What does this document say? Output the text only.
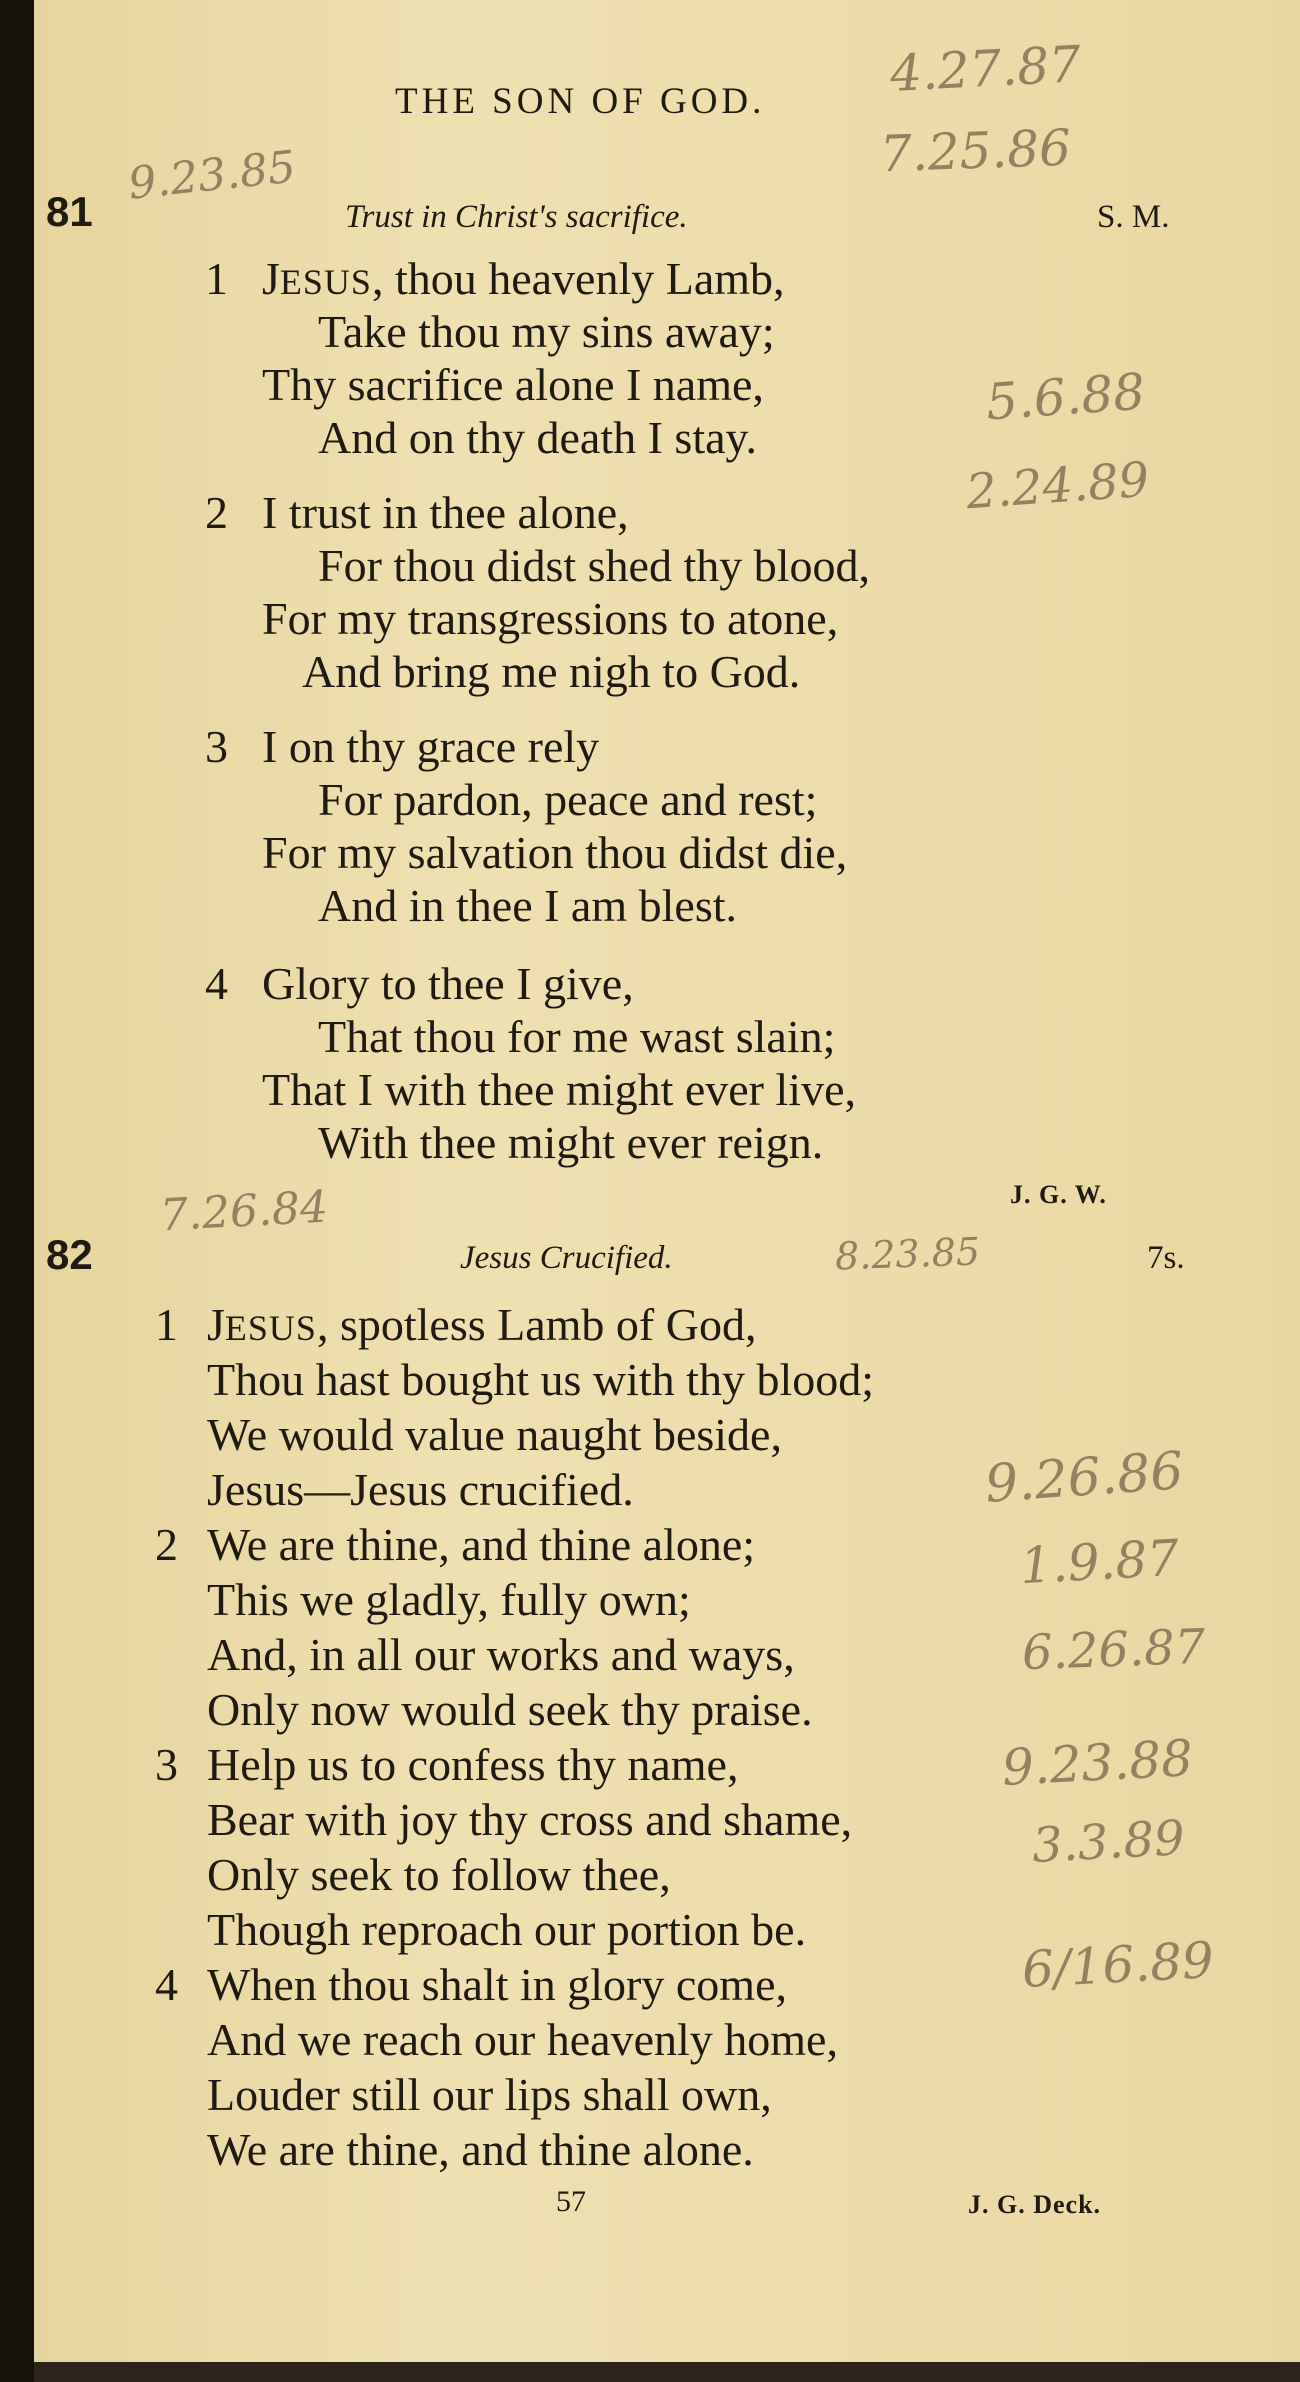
THE SON OF GOD.
81	Trust in Christ's sacrifice.	S. M.
1 JESUS, thou heavenly Lamb,
Take thou my sins away;
Thy sacrifice alone I name,
And on thy death I stay.
2 I trust in thee alone,
For thou didst shed thy blood,
For my transgressions to atone,
And bring me nigh to God.
3 I on thy grace rely
For pardon, peace and rest;
For my salvation thou didst die,
And in thee I am blest.
4 Glory to thee I give,
That thou for me wast slain;
That I with thee might ever live,
With thee might ever reign.
J. G. W.
82	Jesus Crucified.	7s.
1 JESUS, spotless Lamb of God,
Thou hast bought us with thy blood;
We would value naught beside,
Jesus—Jesus crucified.
2 We are thine, and thine alone;
This we gladly, fully own;
And, in all our works and ways,
Only now would seek thy praise.
3 Help us to confess thy name,
Bear with joy thy cross and shame,
Only seek to follow thee,
Though reproach our portion be.
4 When thou shalt in glory come,
And we reach our heavenly home,
Louder still our lips shall own,
We are thine, and thine alone.
57	J. G. Deck.
4.27.87
7.25.86
9.23.85
5.6.88
2.24.89
7.26.84
8.23.85
9.26.86
1.9.87
6.26.87
9.23.88
3.3.89
6/16.89
